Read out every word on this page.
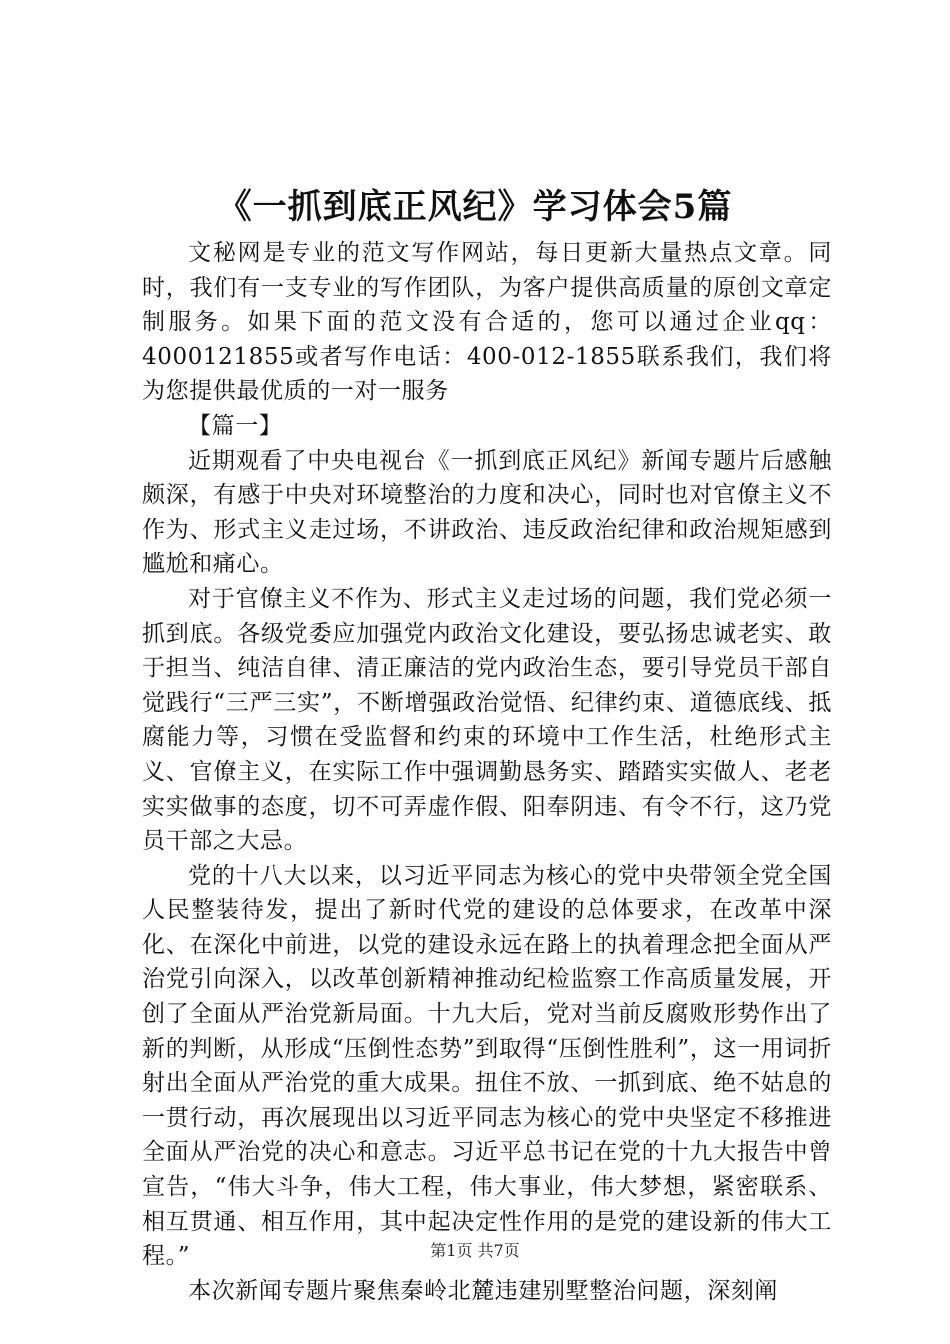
《一抓到底正风纪》学习体会5篇

文秘网是专业的范文写作网站，每日更新大量热点文章。同时，我们有一支专业的写作团队，为客户提供高质量的原创文章定制服务。如果下面的范文没有合适的，您可以通过企业qq：4000121855或者写作电话：400-012-1855联系我们，我们将为您提供最优质的一对一服务

【篇一】

近期观看了中央电视台《一抓到底正风纪》新闻专题片后感触颇深，有感于中央对环境整治的力度和决心，同时也对官僚主义不作为、形式主义走过场，不讲政治、违反政治纪律和政治规矩感到尴尬和痛心。

对于官僚主义不作为、形式主义走过场的问题，我们党必须一抓到底。各级党委应加强党内政治文化建设，要弘扬忠诚老实、敢于担当、纯洁自律、清正廉洁的党内政治生态，要引导党员干部自觉践行“三严三实”，不断增强政治觉悟、纪律约束、道德底线、抵腐能力等，习惯在受监督和约束的环境中工作生活，杜绝形式主义、官僚主义，在实际工作中强调勤恳务实、踏踏实实做人、老老实实做事的态度，切不可弄虚作假、阳奉阴违、有令不行，这乃党员干部之大忌。

党的十八大以来，以习近平同志为核心的党中央带领全党全国人民整装待发，提出了新时代党的建设的总体要求，在改革中深化、在深化中前进，以党的建设永远在路上的执着理念把全面从严治党引向深入，以改革创新精神推动纪检监察工作高质量发展，开创了全面从严治党新局面。十九大后，党对当前反腐败形势作出了新的判断，从形成“压倒性态势”到取得“压倒性胜利”，这一用词折射出全面从严治党的重大成果。扭住不放、一抓到底、绝不姑息的一贯行动，再次展现出以习近平同志为核心的党中央坚定不移推进全面从严治党的决心和意志。习近平总书记在党的十九大报告中曾宣告，“伟大斗争，伟大工程，伟大事业，伟大梦想，紧密联系、相互贯通、相互作用，其中起决定性作用的是党的建设新的伟大工程。”

本次新闻专题片聚焦秦岭北麓违建别墅整治问题，深刻阐

第1页 共7页
